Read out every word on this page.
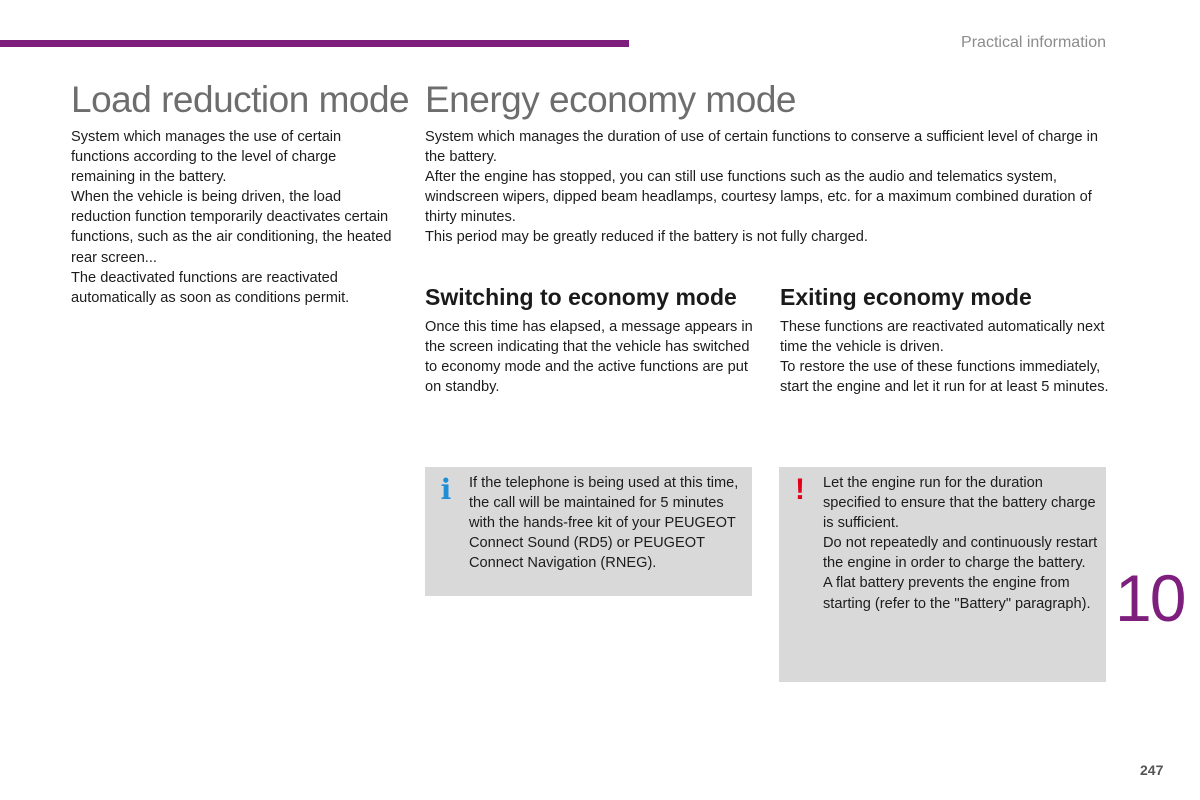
Practical information
Load reduction mode

System which manages the use of certain functions according to the level of charge remaining in the battery.

When the vehicle is being driven, the load reduction function temporarily deactivates certain functions, such as the air conditioning, the heated rear screen...

The deactivated functions are reactivated automatically as soon as conditions permit.

Energy economy mode

System which manages the duration of use of certain functions to conserve a sufficient level of charge in the battery.

After the engine has stopped, you can still use functions such as the audio and telematics system, windscreen wipers, dipped beam headlamps, courtesy lamps, etc. for a maximum combined duration of thirty minutes.

This period may be greatly reduced if the battery is not fully charged.

Switching to economy mode

Once this time has elapsed, a message appears in the screen indicating that the vehicle has switched to economy mode and the active functions are put on standby.

Exiting economy mode

These functions are reactivated automatically next time the vehicle is driven.

To restore the use of these functions immediately, start the engine and let it run for at least 5 minutes.

i If the telephone is being used at this time, the call will be maintained for 5 minutes with the hands-free kit of your PEUGEOT Connect Sound (RD5) or PEUGEOT Connect Navigation (RNEG).

! Let the engine run for the duration specified to ensure that the battery charge is sufficient.

Do not repeatedly and continuously restart the engine in order to charge the battery.

A flat battery prevents the engine from starting (refer to the "Battery" paragraph). 10
247
